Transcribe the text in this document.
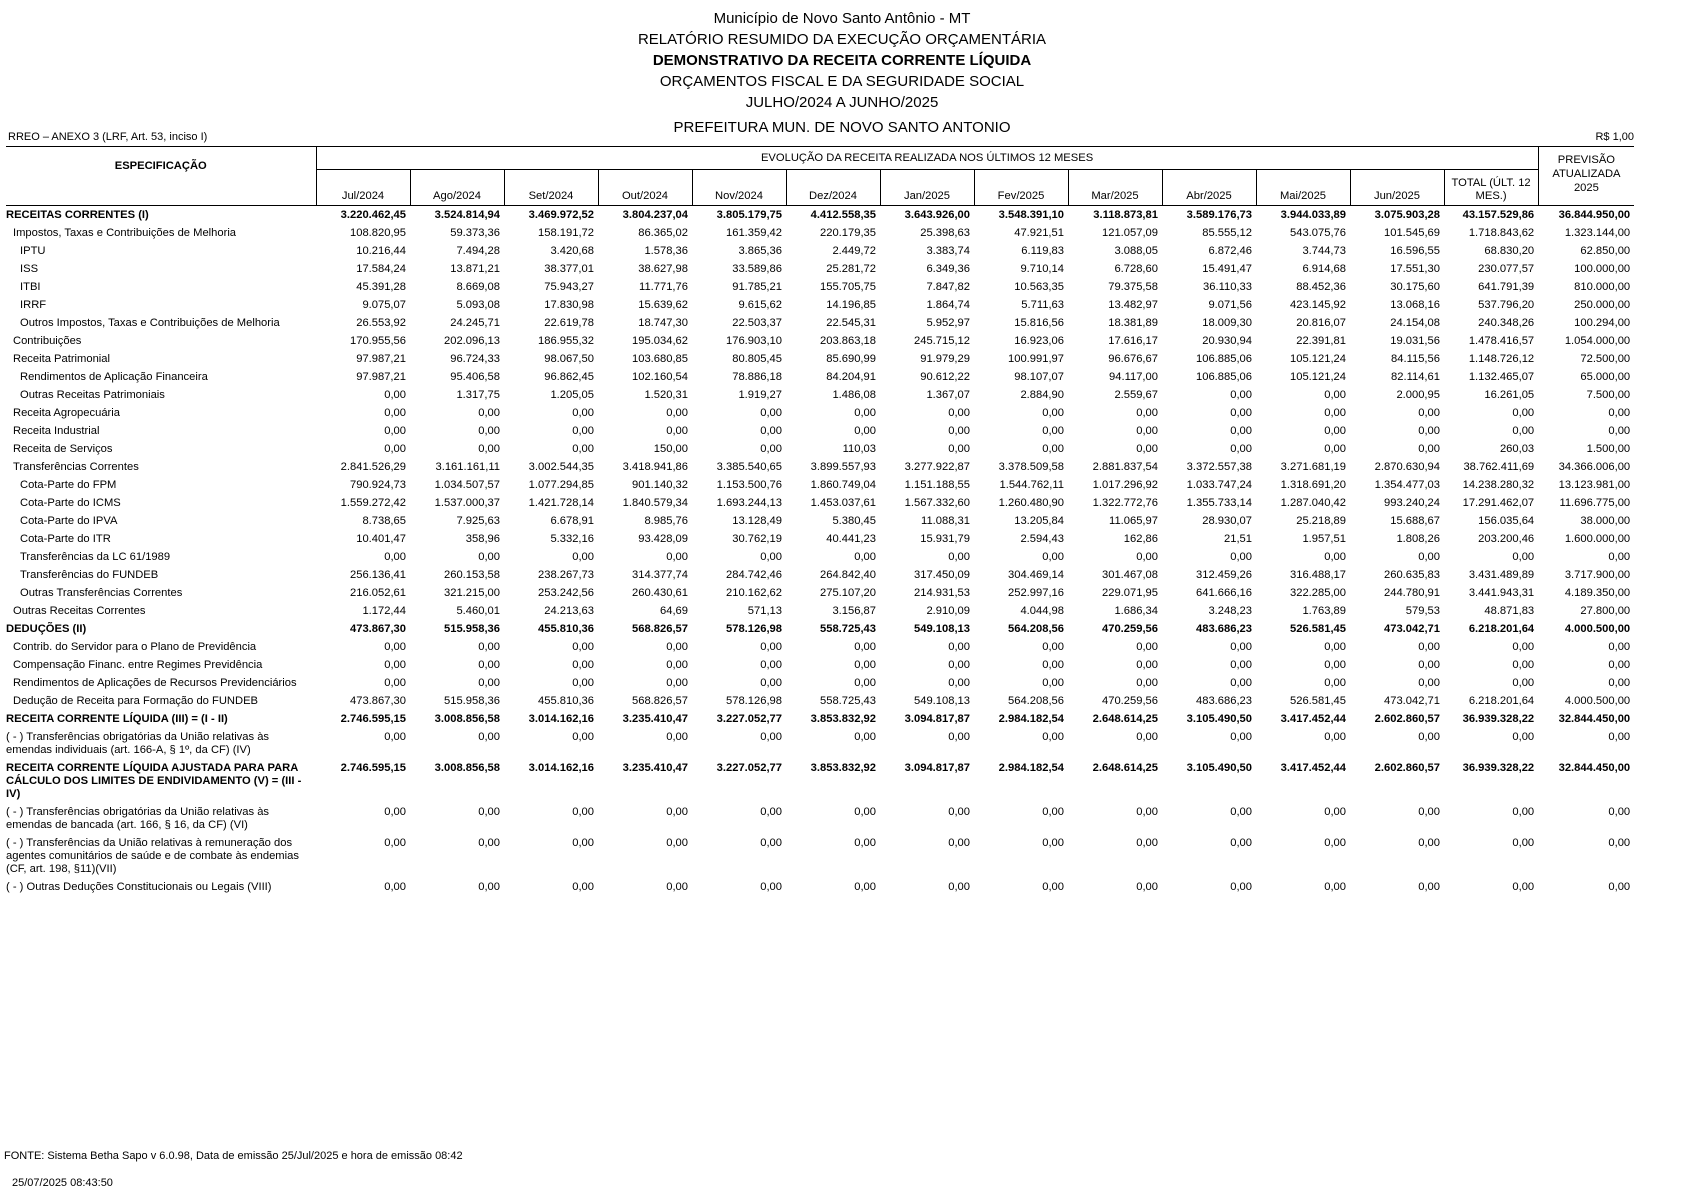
Município de Novo Santo Antônio - MT
RELATÓRIO RESUMIDO DA EXECUÇÃO ORÇAMENTÁRIA
DEMONSTRATIVO DA RECEITA CORRENTE LÍQUIDA
ORÇAMENTOS FISCAL E DA SEGURIDADE SOCIAL
JULHO/2024 A JUNHO/2025
PREFEITURA MUN. DE NOVO SANTO ANTONIO
RREO – ANEXO 3 (LRF, Art. 53, inciso I)	R$ 1,00
ESPECIFICAÇÃO	EVOLUÇÃO DA RECEITA REALIZADA NOS ÚLTIMOS 12 MESES													PREVISÃO ATUALIZADA 2025
	Jul/2024	Ago/2024	Set/2024	Out/2024	Nov/2024	Dez/2024	Jan/2025	Fev/2025	Mar/2025	Abr/2025	Mai/2025	Jun/2025	TOTAL (ÚLT. 12 MES.)	
RECEITAS CORRENTES (I)	3.220.462,45	3.524.814,94	3.469.972,52	3.804.237,04	3.805.179,75	4.412.558,35	3.643.926,00	3.548.391,10	3.118.873,81	3.589.176,73	3.944.033,89	3.075.903,28	43.157.529,86	36.844.950,00
Impostos, Taxas e Contribuições de Melhoria	108.820,95	59.373,36	158.191,72	86.365,02	161.359,42	220.179,35	25.398,63	47.921,51	121.057,09	85.555,12	543.075,76	101.545,69	1.718.843,62	1.323.144,00
IPTU	10.216,44	7.494,28	3.420,68	1.578,36	3.865,36	2.449,72	3.383,74	6.119,83	3.088,05	6.872,46	3.744,73	16.596,55	68.830,20	62.850,00
ISS	17.584,24	13.871,21	38.377,01	38.627,98	33.589,86	25.281,72	6.349,36	9.710,14	6.728,60	15.491,47	6.914,68	17.551,30	230.077,57	100.000,00
ITBI	45.391,28	8.669,08	75.943,27	11.771,76	91.785,21	155.705,75	7.847,82	10.563,35	79.375,58	36.110,33	88.452,36	30.175,60	641.791,39	810.000,00
IRRF	9.075,07	5.093,08	17.830,98	15.639,62	9.615,62	14.196,85	1.864,74	5.711,63	13.482,97	9.071,56	423.145,92	13.068,16	537.796,20	250.000,00
Outros Impostos, Taxas e Contribuições de Melhoria	26.553,92	24.245,71	22.619,78	18.747,30	22.503,37	22.545,31	5.952,97	15.816,56	18.381,89	18.009,30	20.816,07	24.154,08	240.348,26	100.294,00
Contribuições	170.955,56	202.096,13	186.955,32	195.034,62	176.903,10	203.863,18	245.715,12	16.923,06	17.616,17	20.930,94	22.391,81	19.031,56	1.478.416,57	1.054.000,00
Receita Patrimonial	97.987,21	96.724,33	98.067,50	103.680,85	80.805,45	85.690,99	91.979,29	100.991,97	96.676,67	106.885,06	105.121,24	84.115,56	1.148.726,12	72.500,00
Rendimentos de Aplicação Financeira	97.987,21	95.406,58	96.862,45	102.160,54	78.886,18	84.204,91	90.612,22	98.107,07	94.117,00	106.885,06	105.121,24	82.114,61	1.132.465,07	65.000,00
Outras Receitas Patrimoniais	0,00	1.317,75	1.205,05	1.520,31	1.919,27	1.486,08	1.367,07	2.884,90	2.559,67	0,00	0,00	2.000,95	16.261,05	7.500,00
Receita Agropecuária	0,00	0,00	0,00	0,00	0,00	0,00	0,00	0,00	0,00	0,00	0,00	0,00	0,00	0,00
Receita Industrial	0,00	0,00	0,00	0,00	0,00	0,00	0,00	0,00	0,00	0,00	0,00	0,00	0,00	0,00
Receita de Serviços	0,00	0,00	0,00	150,00	0,00	110,03	0,00	0,00	0,00	0,00	0,00	0,00	260,03	1.500,00
Transferências Correntes	2.841.526,29	3.161.161,11	3.002.544,35	3.418.941,86	3.385.540,65	3.899.557,93	3.277.922,87	3.378.509,58	2.881.837,54	3.372.557,38	3.271.681,19	2.870.630,94	38.762.411,69	34.366.006,00
Cota-Parte do FPM	790.924,73	1.034.507,57	1.077.294,85	901.140,32	1.153.500,76	1.860.749,04	1.151.188,55	1.544.762,11	1.017.296,92	1.033.747,24	1.318.691,20	1.354.477,03	14.238.280,32	13.123.981,00
Cota-Parte do ICMS	1.559.272,42	1.537.000,37	1.421.728,14	1.840.579,34	1.693.244,13	1.453.037,61	1.567.332,60	1.260.480,90	1.322.772,76	1.355.733,14	1.287.040,42	993.240,24	17.291.462,07	11.696.775,00
Cota-Parte do IPVA	8.738,65	7.925,63	6.678,91	8.985,76	13.128,49	5.380,45	11.088,31	13.205,84	11.065,97	28.930,07	25.218,89	15.688,67	156.035,64	38.000,00
Cota-Parte do ITR	10.401,47	358,96	5.332,16	93.428,09	30.762,19	40.441,23	15.931,79	2.594,43	162,86	21,51	1.957,51	1.808,26	203.200,46	1.600.000,00
Transferências da LC 61/1989	0,00	0,00	0,00	0,00	0,00	0,00	0,00	0,00	0,00	0,00	0,00	0,00	0,00	0,00
Transferências do FUNDEB	256.136,41	260.153,58	238.267,73	314.377,74	284.742,46	264.842,40	317.450,09	304.469,14	301.467,08	312.459,26	316.488,17	260.635,83	3.431.489,89	3.717.900,00
Outras Transferências Correntes	216.052,61	321.215,00	253.242,56	260.430,61	210.162,62	275.107,20	214.931,53	252.997,16	229.071,95	641.666,16	322.285,00	244.780,91	3.441.943,31	4.189.350,00
Outras Receitas Correntes	1.172,44	5.460,01	24.213,63	64,69	571,13	3.156,87	2.910,09	4.044,98	1.686,34	3.248,23	1.763,89	579,53	48.871,83	27.800,00
DEDUÇÕES (II)	473.867,30	515.958,36	455.810,36	568.826,57	578.126,98	558.725,43	549.108,13	564.208,56	470.259,56	483.686,23	526.581,45	473.042,71	6.218.201,64	4.000.500,00
Contrib. do Servidor para o Plano de Previdência	0,00	0,00	0,00	0,00	0,00	0,00	0,00	0,00	0,00	0,00	0,00	0,00	0,00	0,00
Compensação Financ. entre Regimes Previdência	0,00	0,00	0,00	0,00	0,00	0,00	0,00	0,00	0,00	0,00	0,00	0,00	0,00	0,00
Rendimentos de Aplicações de Recursos Previdenciários	0,00	0,00	0,00	0,00	0,00	0,00	0,00	0,00	0,00	0,00	0,00	0,00	0,00	0,00
Dedução de Receita para Formação do FUNDEB	473.867,30	515.958,36	455.810,36	568.826,57	578.126,98	558.725,43	549.108,13	564.208,56	470.259,56	483.686,23	526.581,45	473.042,71	6.218.201,64	4.000.500,00
RECEITA CORRENTE LÍQUIDA (III) = (I - II)	2.746.595,15	3.008.856,58	3.014.162,16	3.235.410,47	3.227.052,77	3.853.832,92	3.094.817,87	2.984.182,54	2.648.614,25	3.105.490,50	3.417.452,44	2.602.860,57	36.939.328,22	32.844.450,00
( - ) Transferências obrigatórias da União relativas às emendas individuais (art. 166-A, § 1º, da CF) (IV)	0,00	0,00	0,00	0,00	0,00	0,00	0,00	0,00	0,00	0,00	0,00	0,00	0,00	0,00
RECEITA CORRENTE LÍQUIDA AJUSTADA PARA PARA CÁLCULO DOS LIMITES DE ENDIVIDAMENTO (V) = (III - IV)	2.746.595,15	3.008.856,58	3.014.162,16	3.235.410,47	3.227.052,77	3.853.832,92	3.094.817,87	2.984.182,54	2.648.614,25	3.105.490,50	3.417.452,44	2.602.860,57	36.939.328,22	32.844.450,00
( - ) Transferências obrigatórias da União relativas às emendas de bancada (art. 166, § 16, da CF) (VI)	0,00	0,00	0,00	0,00	0,00	0,00	0,00	0,00	0,00	0,00	0,00	0,00	0,00	0,00
( - ) Transferências da União relativas à remuneração dos agentes comunitários de saúde e de combate às endemias (CF, art. 198, §11)(VII)	0,00	0,00	0,00	0,00	0,00	0,00	0,00	0,00	0,00	0,00	0,00	0,00	0,00	0,00
( - ) Outras Deduções Constitucionais ou Legais (VIII)	0,00	0,00	0,00	0,00	0,00	0,00	0,00	0,00	0,00	0,00	0,00	0,00	0,00	0,00
FONTE: Sistema Betha Sapo v 6.0.98, Data de emissão 25/Jul/2025 e hora de emissão 08:42
25/07/2025 08:43:50
